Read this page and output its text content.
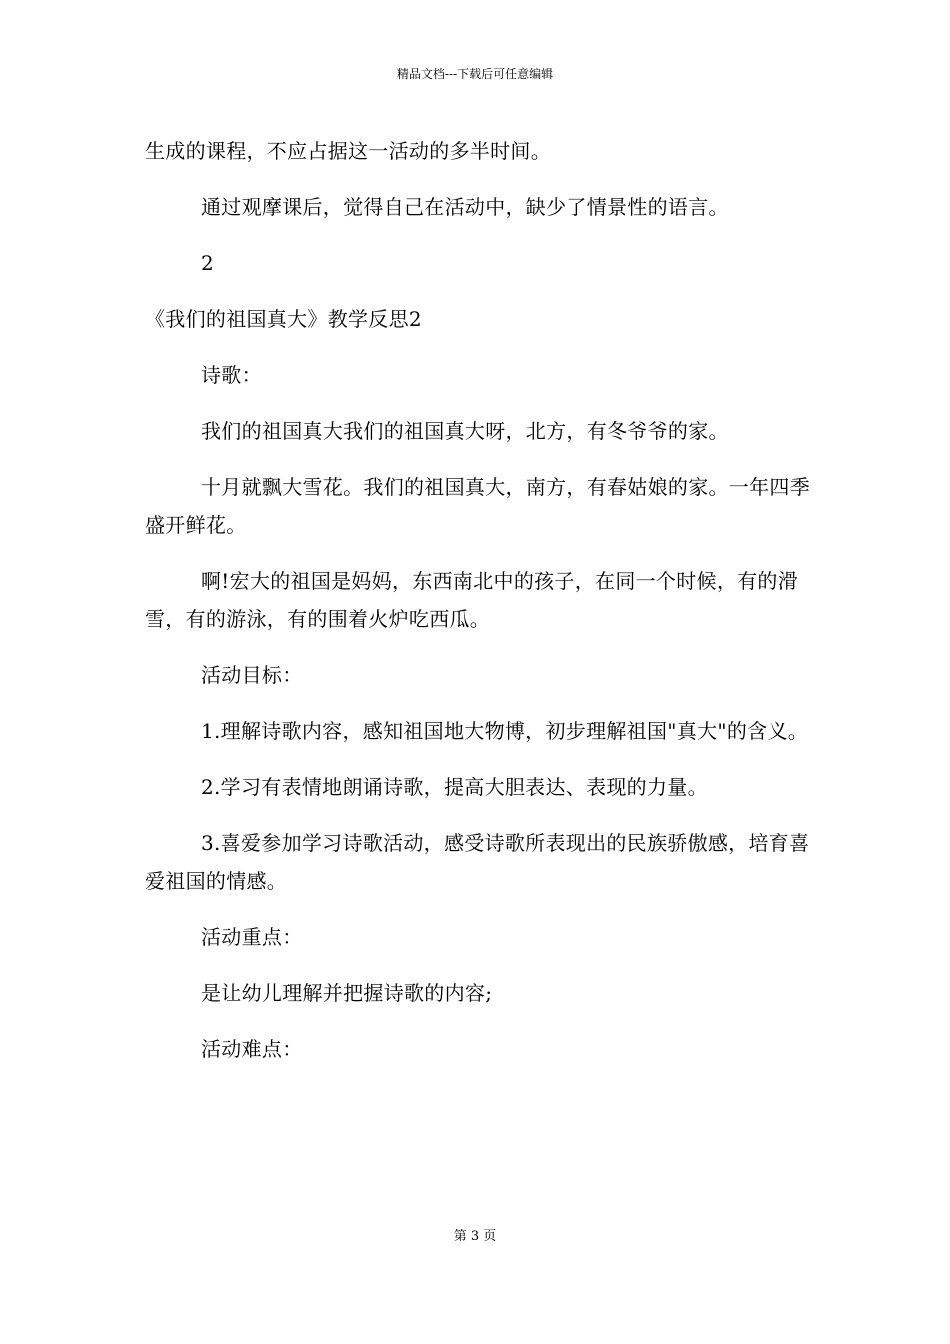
精品文档---下载后可任意编辑

生成的课程，不应占据这一活动的多半时间。

通过观摩课后，觉得自己在活动中，缺少了情景性的语言。

2

《我们的祖国真大》教学反思2

诗歌：

我们的祖国真大我们的祖国真大呀，北方，有冬爷爷的家。

十月就飘大雪花。我们的祖国真大，南方，有春姑娘的家。一年四季盛开鲜花。

啊!宏大的祖国是妈妈，东西南北中的孩子，在同一个时候，有的滑雪，有的游泳，有的围着火炉吃西瓜。

活动目标：

1.理解诗歌内容，感知祖国地大物博，初步理解祖国"真大"的含义。

2.学习有表情地朗诵诗歌，提高大胆表达、表现的力量。

3.喜爱参加学习诗歌活动，感受诗歌所表现出的民族骄傲感，培育喜爱祖国的情感。

活动重点：

是让幼儿理解并把握诗歌的内容;

活动难点：

第 3 页
